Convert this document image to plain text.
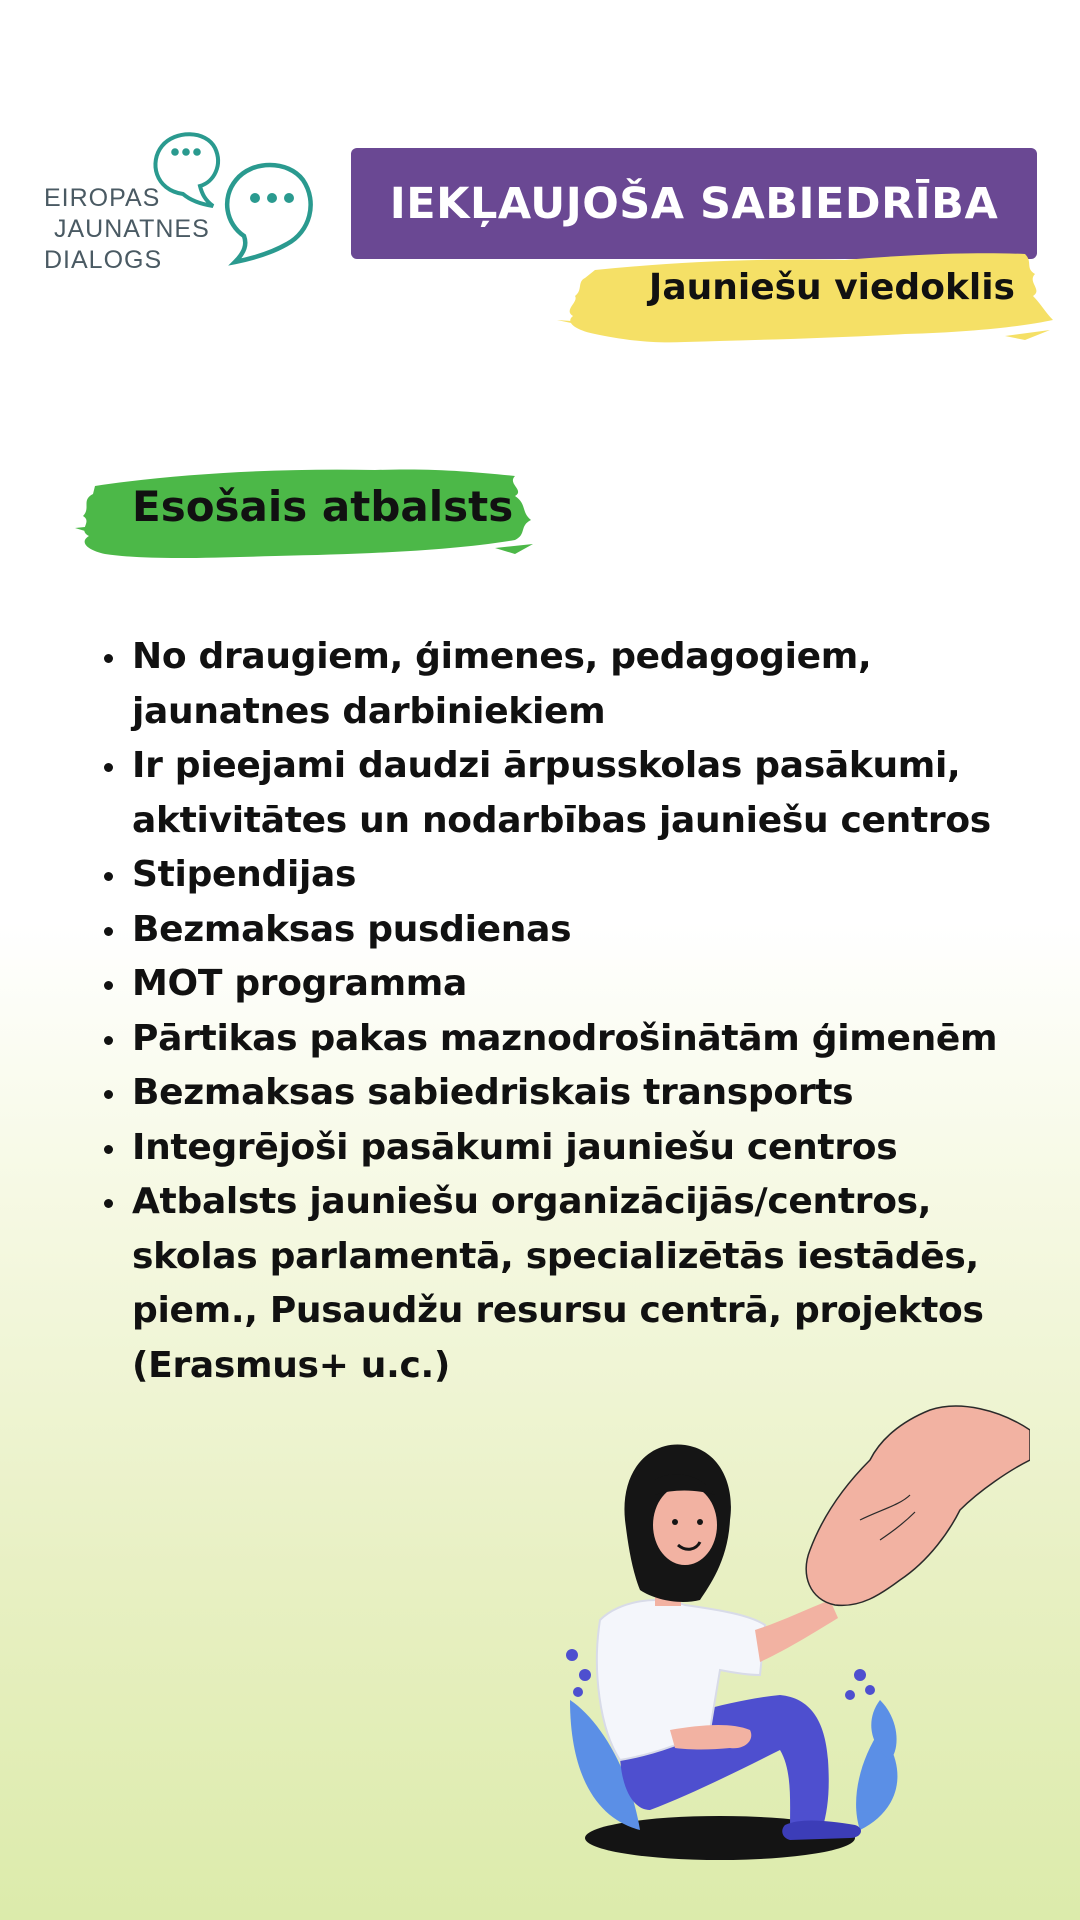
EIROPAS
JAUNATNES
DIALOGS
IEKĻAUJOŠA SABIEDRĪBA
Jauniešu viedoklis
Esošais atbalsts
No draugiem, ģimenes, pedagogiem, jaunatnes darbiniekiem
Ir pieejami daudzi ārpusskolas pasākumi, aktivitātes un nodarbības jauniešu centros
Stipendijas
Bezmaksas pusdienas
MOT programma
Pārtikas pakas maznodrošinātām ģimenēm
Bezmaksas sabiedriskais transports
Integrējoši pasākumi jauniešu centros
Atbalsts jauniešu organizācijās/centros, skolas parlamentā, specializētās iestādēs, piem., Pusaudžu resursu centrā, projektos (Erasmus+ u.c.)
